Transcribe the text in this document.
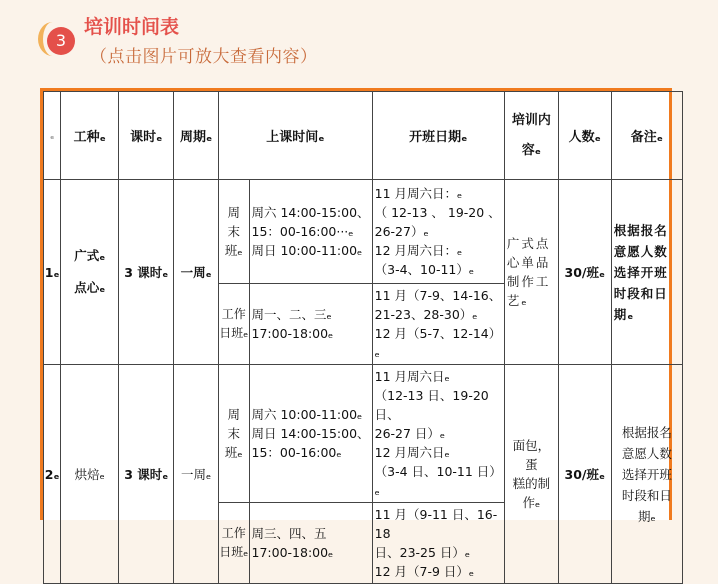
3
培训时间表
（点击图片可放大查看内容）
ₑ	工种ₑ	课时ₑ	周期ₑ	上课时间ₑ		开班日期ₑ	培训内
容ₑ	人数ₑ	备注ₑ
1ₑ	广式ₑ
点心ₑ	3 课时ₑ	一周ₑ	周
末
班ₑ	周六 14:00-15:00、
15：00-16:00···ₑ
周日 10:00-11:00ₑ	11 月周六日：ₑ
（ 12-13 、 19-20 、
26-27）ₑ
12 月周六日：ₑ
（3-4、10-11）ₑ	广式点
心单品
制作工
艺ₑ	30/班ₑ	根据报名
意愿人数
选择开班
时段和日
期ₑ
				工作
日班ₑ	周一、二、三ₑ
17:00-18:00ₑ	11 月（7-9、14-16、
21-23、28-30）ₑ
12 月（5-7、12-14）ₑ			
2ₑ	烘焙ₑ	3 课时ₑ	一周ₑ	周
末
班ₑ	周六 10:00-11:00ₑ
周日 14:00-15:00、
15：00-16:00ₑ	11 月周六日ₑ
（12-13 日、19-20 日、
26-27 日）ₑ
12 月周六日ₑ
（3-4 日、10-11 日）ₑ	面包，蛋
糕的制
作ₑ	30/班ₑ	根据报名
意愿人数
选择开班
时段和日
期ₑ
				工作
日班ₑ	周三、四、五
17:00-18:00ₑ	11 月（9-11 日、16-18
日、23-25 日）ₑ
12 月（7-9 日）ₑ			
